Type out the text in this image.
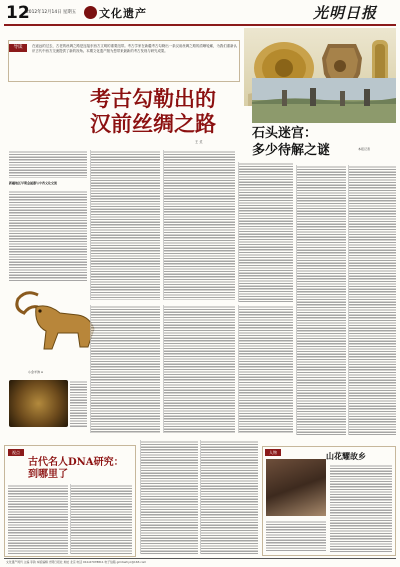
12
2012年12月14日 星期五 文化遗产	光明日报
导读	在遥远的过去，古老的丝绸之路是连接东西方文明的重要纽带。考古学家在新疆考古勾勒出一条汉前丝绸之路的清晰轮廓，为我们重新认识古代中西方交流提供了新的视角。本期文化遗产版为您带来最新的考古发现与研究成果。
考古勾勒出的
汉前丝绸之路
王 戈
新疆地区早期金属器与中西文化交流
小金羊饰 A
石头迷宫：
多少待解之谜	本报记者
视点
古代名人DNA研究：
到哪里了
人物	山花耀故乡
文化遗产周刊 主编 李韵 本版编辑 光明日报社 地址 北京 电话 010-67078811 电子信箱 gmrbwhyc@163.com
